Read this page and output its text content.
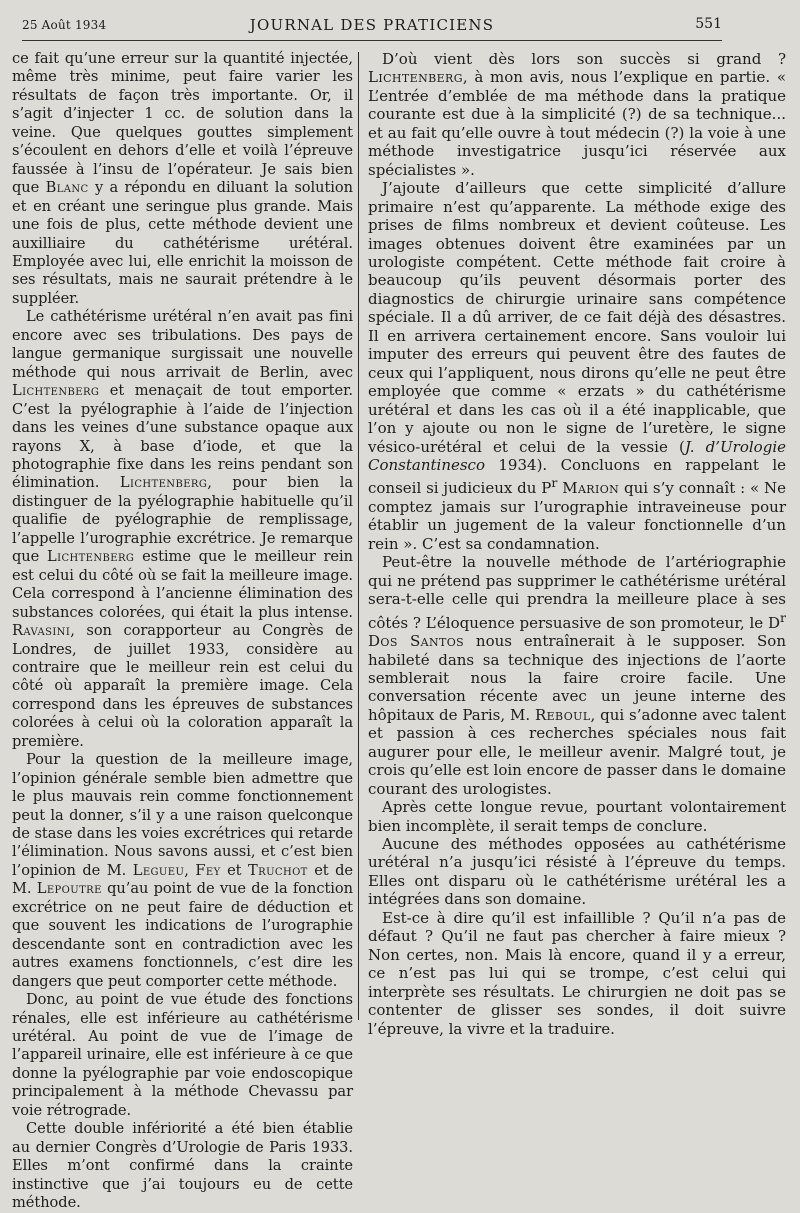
25 Août 1934	JOURNAL DES PRATICIENS	551

ce fait qu’une erreur sur la quantité injectée, même très minime, peut faire varier les résultats de façon très importante. Or, il s’agit d’injecter 1 cc. de solution dans la veine. Que quelques gouttes simplement s’écoulent en dehors d’elle et voilà l’épreuve faussée à l’insu de l’opérateur. Je sais bien que Blanc y a répondu en diluant la solution et en créant une seringue plus grande. Mais une fois de plus, cette méthode devient une auxilliaire du cathétérisme urétéral. Employée avec lui, elle enrichit la moisson de ses résultats, mais ne saurait prétendre à le suppléer.

Le cathétérisme urétéral n’en avait pas fini encore avec ses tribulations. Des pays de langue germanique surgissait une nouvelle méthode qui nous arrivait de Berlin, avec Lichtenberg et menaçait de tout emporter. C’est la pyélographie à l’aide de l’injection dans les veines d’une substance opaque aux rayons X, à base d’iode, et que la photographie fixe dans les reins pendant son élimination. Lichtenberg, pour bien la distinguer de la pyélographie habituelle qu’il qualifie de pyélographie de remplissage, l’appelle l’urographie excrétrice. Je remarque que Lichtenberg estime que le meilleur rein est celui du côté où se fait la meilleure image. Cela correspond à l’ancienne élimination des substances colorées, qui était la plus intense. Ravasini, son corapporteur au Congrès de Londres, de juillet 1933, considère au contraire que le meilleur rein est celui du côté où apparaît la première image. Cela correspond dans les épreuves de substances colorées à celui où la coloration apparaît la première.

Pour la question de la meilleure image, l’opinion générale semble bien admettre que le plus mauvais rein comme fonctionnement peut la donner, s’il y a une raison quelconque de stase dans les voies excrétrices qui retarde l’élimination. Nous savons aussi, et c’est bien l’opinion de M. Legueu, Fey et Truchot et de M. Lepoutre qu’au point de vue de la fonction excrétrice on ne peut faire de déduction et que souvent les indications de l’urographie descendante sont en contradiction avec les autres examens fonctionnels, c’est dire les dangers que peut comporter cette méthode.

Donc, au point de vue étude des fonctions rénales, elle est inférieure au cathétérisme urétéral. Au point de vue de l’image de l’appareil urinaire, elle est inférieure à ce que donne la pyélographie par voie endoscopique principalement à la méthode Chevassu par voie rétrograde.

Cette double infériorité a été bien établie au dernier Congrès d’Urologie de Paris 1933. Elles m’ont confirmé dans la crainte instinctive que j’ai toujours eu de cette méthode.

D’où vient dès lors son succès si grand ? Lichtenberg, à mon avis, nous l’explique en partie. « L’entrée d’emblée de ma méthode dans la pratique courante est due à la simplicité (?) de sa technique... et au fait qu’elle ouvre à tout médecin (?) la voie à une méthode investigatrice jusqu’ici réservée aux spécialistes ».

J’ajoute d’ailleurs que cette simplicité d’allure primaire n’est qu’apparente. La méthode exige des prises de films nombreux et devient coûteuse. Les images obtenues doivent être examinées par un urologiste compétent. Cette méthode fait croire à beaucoup qu’ils peuvent désormais porter des diagnostics de chirurgie urinaire sans compétence spéciale. Il a dû arriver, de ce fait déjà des désastres. Il en arrivera certainement encore. Sans vouloir lui imputer des erreurs qui peuvent être des fautes de ceux qui l’appliquent, nous dirons qu’elle ne peut être employée que comme « erzats » du cathétérisme urétéral et dans les cas où il a été inapplicable, que l’on y ajoute ou non le signe de l’uretère, le signe vésico-urétéral et celui de la vessie (J. d’Urologie Constantinesco 1934). Concluons en rappelant le conseil si judicieux du $P^r$ Marion qui s’y connaît : « Ne comptez jamais sur l’urographie intraveineuse pour établir un jugement de la valeur fonctionnelle d’un rein ». C’est sa condamnation.

Peut-être la nouvelle méthode de l’artériographie qui ne prétend pas supprimer le cathétérisme urétéral sera-t-elle celle qui prendra la meilleure place à ses côtés ? L’éloquence persuasive de son promoteur, le $D^r$ Dos Santos nous entraînerait à le supposer. Son habileté dans sa technique des injections de l’aorte semblerait nous la faire croire facile. Une conversation récente avec un jeune interne des hôpitaux de Paris, M. Reboul, qui s’adonne avec talent et passion à ces recherches spéciales nous fait augurer pour elle, le meilleur avenir. Malgré tout, je crois qu’elle est loin encore de passer dans le domaine courant des urologistes.

Après cette longue revue, pourtant volontairement bien incomplète, il serait temps de conclure.

Aucune des méthodes opposées au cathétérisme urétéral n’a jusqu’ici résisté à l’épreuve du temps. Elles ont disparu où le cathétérisme urétéral les a intégrées dans son domaine.

Est-ce à dire qu’il est infaillible ? Qu’il n’a pas de défaut ? Qu’il ne faut pas chercher à faire mieux ? Non certes, non. Mais là encore, quand il y a erreur, ce n’est pas lui qui se trompe, c’est celui qui interprète ses résultats. Le chirurgien ne doit pas se contenter de glisser ses sondes, il doit suivre l’épreuve, la vivre et la traduire.
